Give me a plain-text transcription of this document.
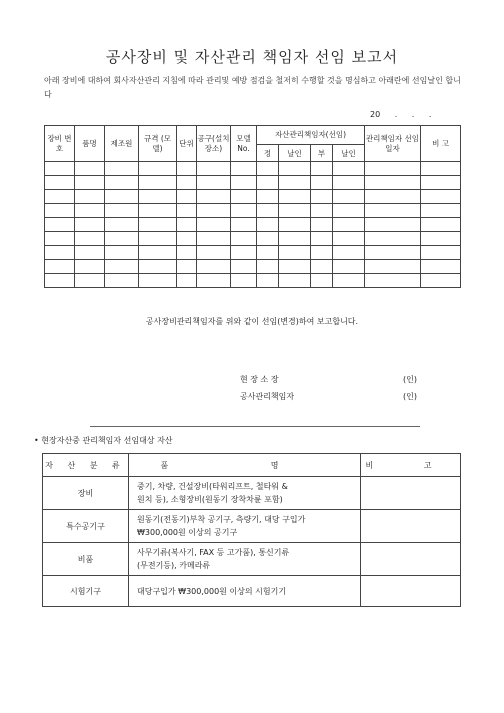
공사장비 및 자산관리 책임자 선임 보고서
아래 장비에 대하여 회사자산관리 지침에 따라 관리및 예방 점검을 철저히 수행할 것을 명심하고 아래란에 선임날인 합니다
20 . . .
장비 번호	품명	제조원	규격 (모델)	단위	공구(설치 장소)	모델 No.	자산관리책임자(선임)				관리책임자 선임일자	비 고
							정	날인	부	날인		

공사장비관리책임자를 위와 같이 선임(변경)하여 보고합니다.
현 장 소 장	(인)
공사관리책임자	(인)
• 현장자산중 관리책임자 선임대상 자산
자 산 분 류	품 명	비 고
장비	중기, 차량, 건설장비(타워리프트, 철타워 &
원치 등), 소형장비(원동기 장착차륜 포함)	

특수공기구	원동기(전동기)부착 공기구, 측량기, 대당 구입가
₩300,000원 이상의 공기구	

비품	사무기류(복사기, FAX 등 고가품), 통신기류
(무전기등), 카메라류	

시험기구	대당구입가 ₩300,000원 이상의 시험기기	
